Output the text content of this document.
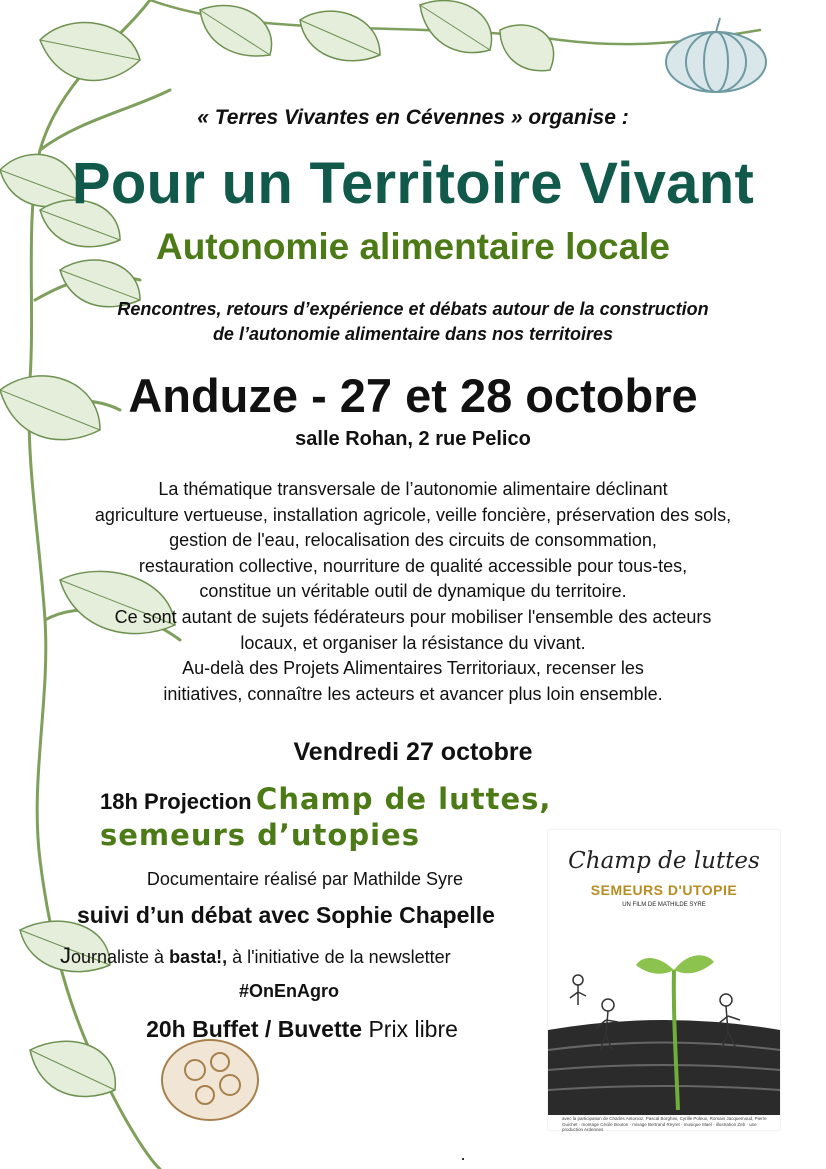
« Terres Vivantes en Cévennes » organise :
Pour un Territoire Vivant
Autonomie alimentaire locale
Rencontres, retours d’expérience et débats autour de la construction
de l’autonomie alimentaire dans nos territoires
Anduze - 27 et 28 octobre
salle Rohan, 2 rue Pelico
La thématique transversale de l’autonomie alimentaire déclinant
agriculture vertueuse, installation agricole, veille foncière, préservation des sols,
gestion de l'eau, relocalisation des circuits de consommation,
restauration collective, nourriture de qualité accessible pour tous-tes,
constitue un véritable outil de dynamique du territoire.
Ce sont autant de sujets fédérateurs pour mobiliser l'ensemble des acteurs
locaux, et organiser la résistance du vivant.
Au-delà des Projets Alimentaires Territoriaux, recenser les
initiatives, connaître les acteurs et avancer plus loin ensemble.
Vendredi 27 octobre
18h Projection Champ de luttes,
semeurs d’utopies
Documentaire réalisé par Mathilde Syre
suivi d’un débat avec Sophie Chapelle
Journaliste à basta!, à l'initiative de la newsletter
#OnEnAgro
20h Buffet / Buvette Prix libre
Champ de luttes
SEMEURS D'UTOPIE
UN FILM DE MATHILDE SYRE
avec la participation de Charles Antonioz, Pascal Borghini, Cyrille Poleux, Romain Jacquemoud, Pierre Guichet · montage Cécile Bouton · mixage Bertrand Reyret · musique Mael · illustration Zeb · une production Ardennes
